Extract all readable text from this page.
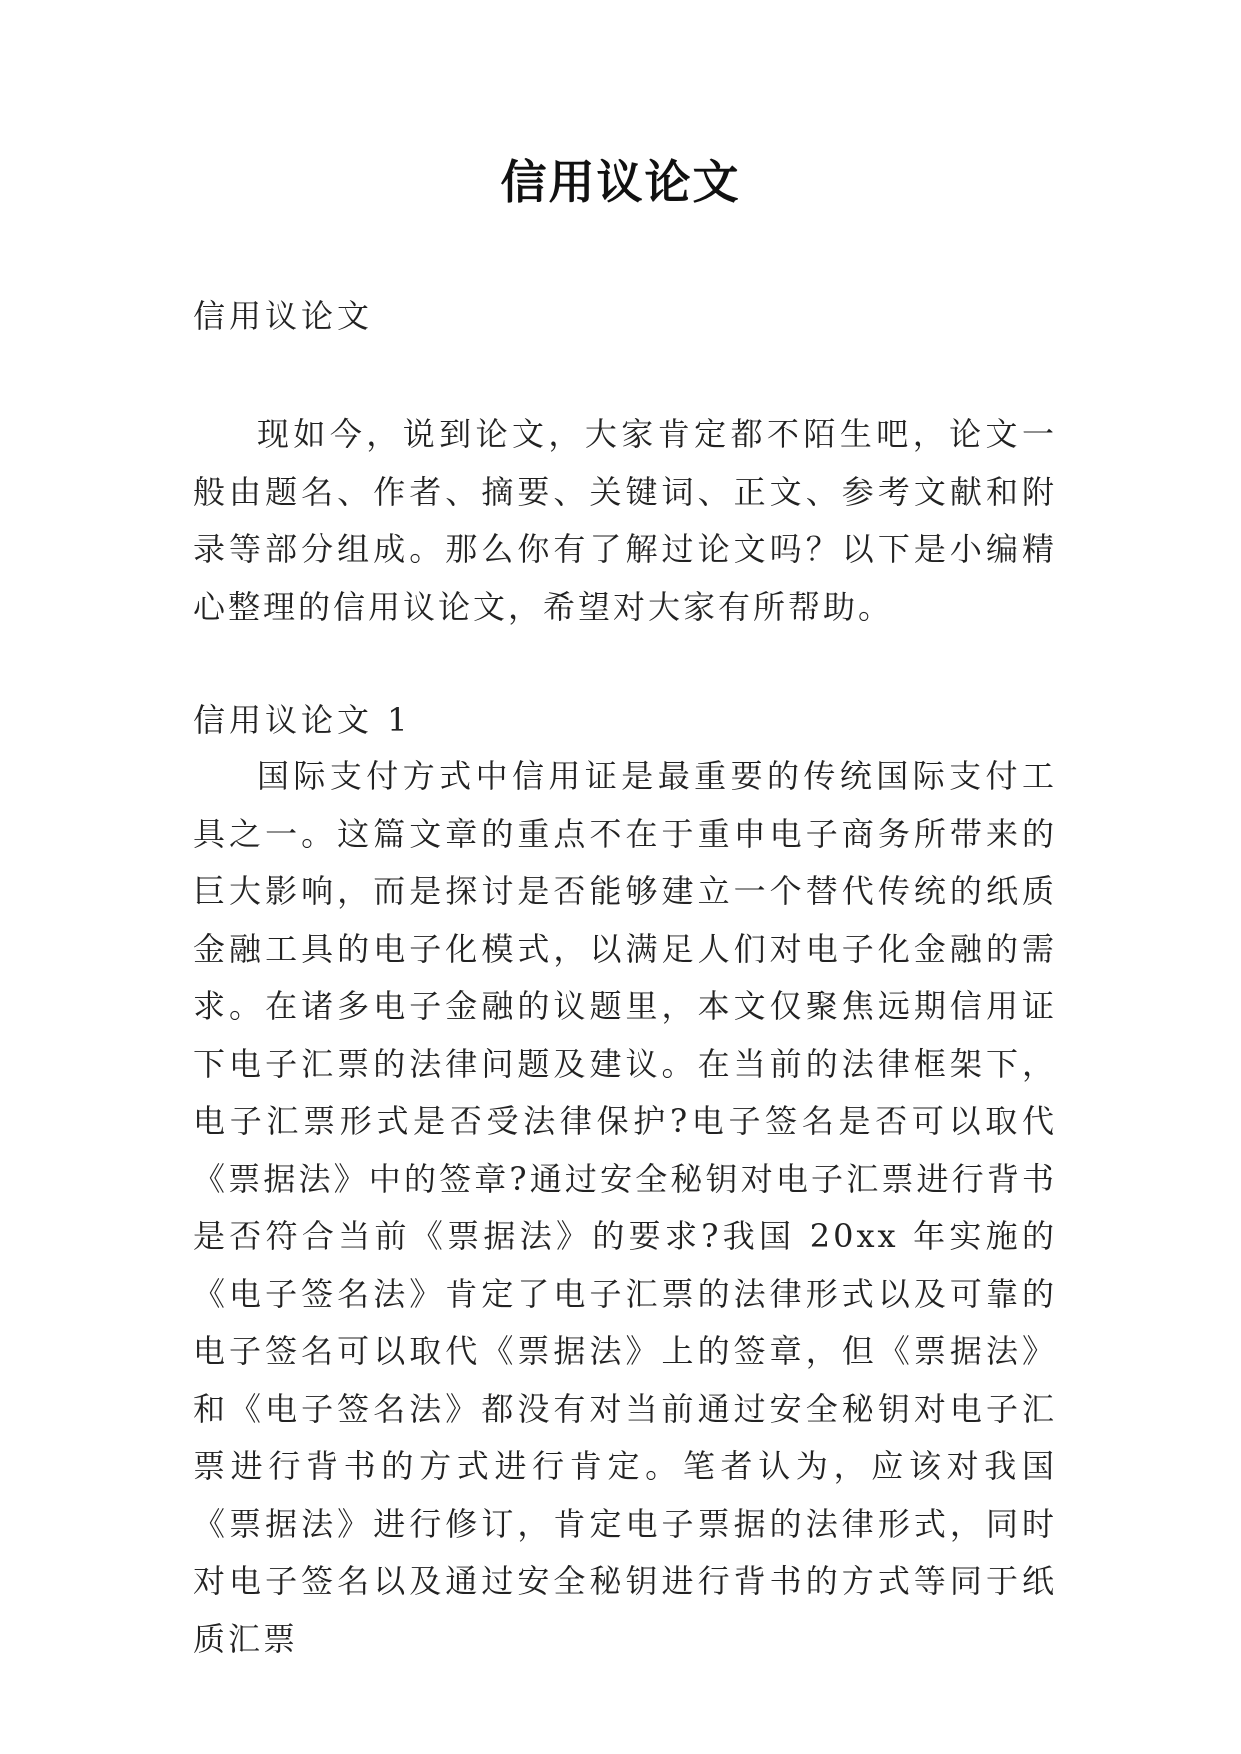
信用议论文
信用议论文

现如今，说到论文，大家肯定都不陌生吧，论文一般由题名、作者、摘要、关键词、正文、参考文献和附录等部分组成。那么你有了解过论文吗？以下是小编精心整理的信用议论文，希望对大家有所帮助。

信用议论文 1

国际支付方式中信用证是最重要的传统国际支付工具之一。这篇文章的重点不在于重申电子商务所带来的巨大影响，而是探讨是否能够建立一个替代传统的纸质金融工具的电子化模式，以满足人们对电子化金融的需求。在诸多电子金融的议题里，本文仅聚焦远期信用证下电子汇票的法律问题及建议。在当前的法律框架下，电子汇票形式是否受法律保护?电子签名是否可以取代《票据法》中的签章?通过安全秘钥对电子汇票进行背书是否符合当前《票据法》的要求?我国 20xx 年实施的《电子签名法》肯定了电子汇票的法律形式以及可靠的电子签名可以取代《票据法》上的签章，但《票据法》和《电子签名法》都没有对当前通过安全秘钥对电子汇票进行背书的方式进行肯定。笔者认为，应该对我国《票据法》进行修订，肯定电子票据的法律形式，同时对电子签名以及通过安全秘钥进行背书的方式等同于纸质汇票
